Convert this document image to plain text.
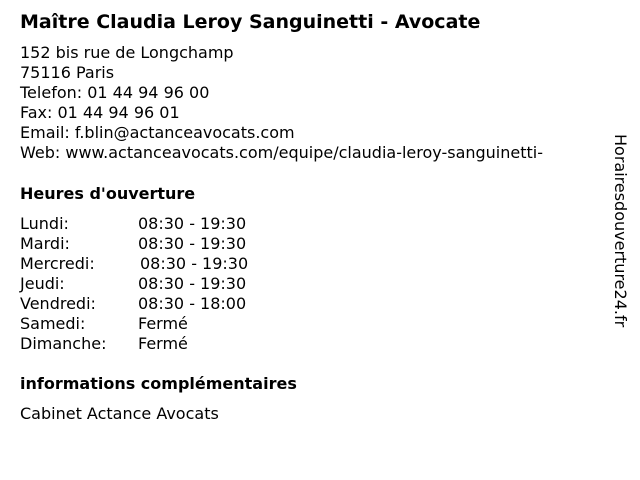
Maître Claudia Leroy Sanguinetti - Avocate
152 bis rue de Longchamp
75116 Paris
Telefon: 01 44 94 96 00
Fax: 01 44 94 96 01
Email: f.blin@actanceavocats.com
Web: www.actanceavocats.com/equipe/claudia-leroy-sanguinetti-
Heures d'ouverture
Lundi:	08:30 - 19:30
Mardi:	08:30 - 19:30
Mercredi:	08:30 - 19:30
Jeudi:	08:30 - 19:30
Vendredi:	08:30 - 18:00
Samedi:	Fermé
Dimanche: Fermé
informations complémentaires
Cabinet Actance Avocats
Horairesdouverture24.fr
